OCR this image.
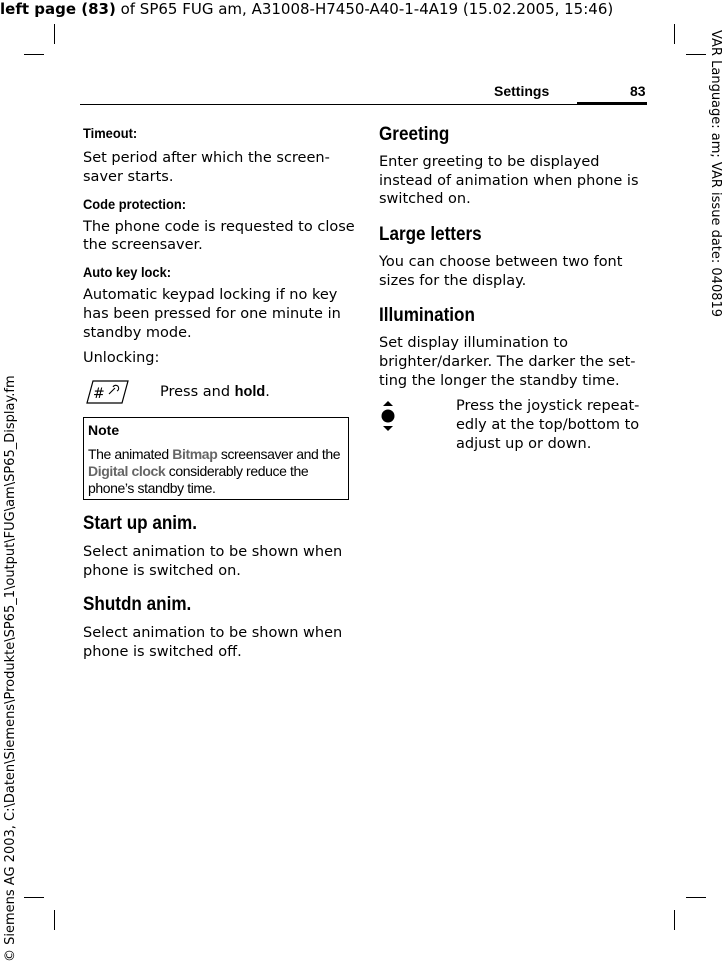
left page (83) of SP65 FUG am, A31008-H7450-A40-1-4A19 (15.02.2005, 15:46)
VAR Language: am; VAR issue date: 040819
© Siemens AG 2003, C:\Daten\Siemens\Produkte\SP65_1\output\FUG\am\SP65_Display.fm
Settings	83
Timeout:
Set period after which the screen-
saver starts.
Code protection:
The phone code is requested to close
the screensaver.
Auto key lock:
Automatic keypad locking if no key
has been pressed for one minute in
standby mode.
Unlocking:
#	Press and hold.
Note
The animated Bitmap screensaver and the Digital clock considerably reduce the phone’s standby time.
Start up anim.
Select animation to be shown when
phone is switched on.
Shutdn anim.
Select animation to be shown when
phone is switched off.
Greeting
Enter greeting to be displayed
instead of animation when phone is
switched on.
Large letters
You can choose between two font
sizes for the display.
Illumination
Set display illumination to
brighter/darker. The darker the set-
ting the longer the standby time.
Press the joystick repeat-
edly at the top/bottom to
adjust up or down.
